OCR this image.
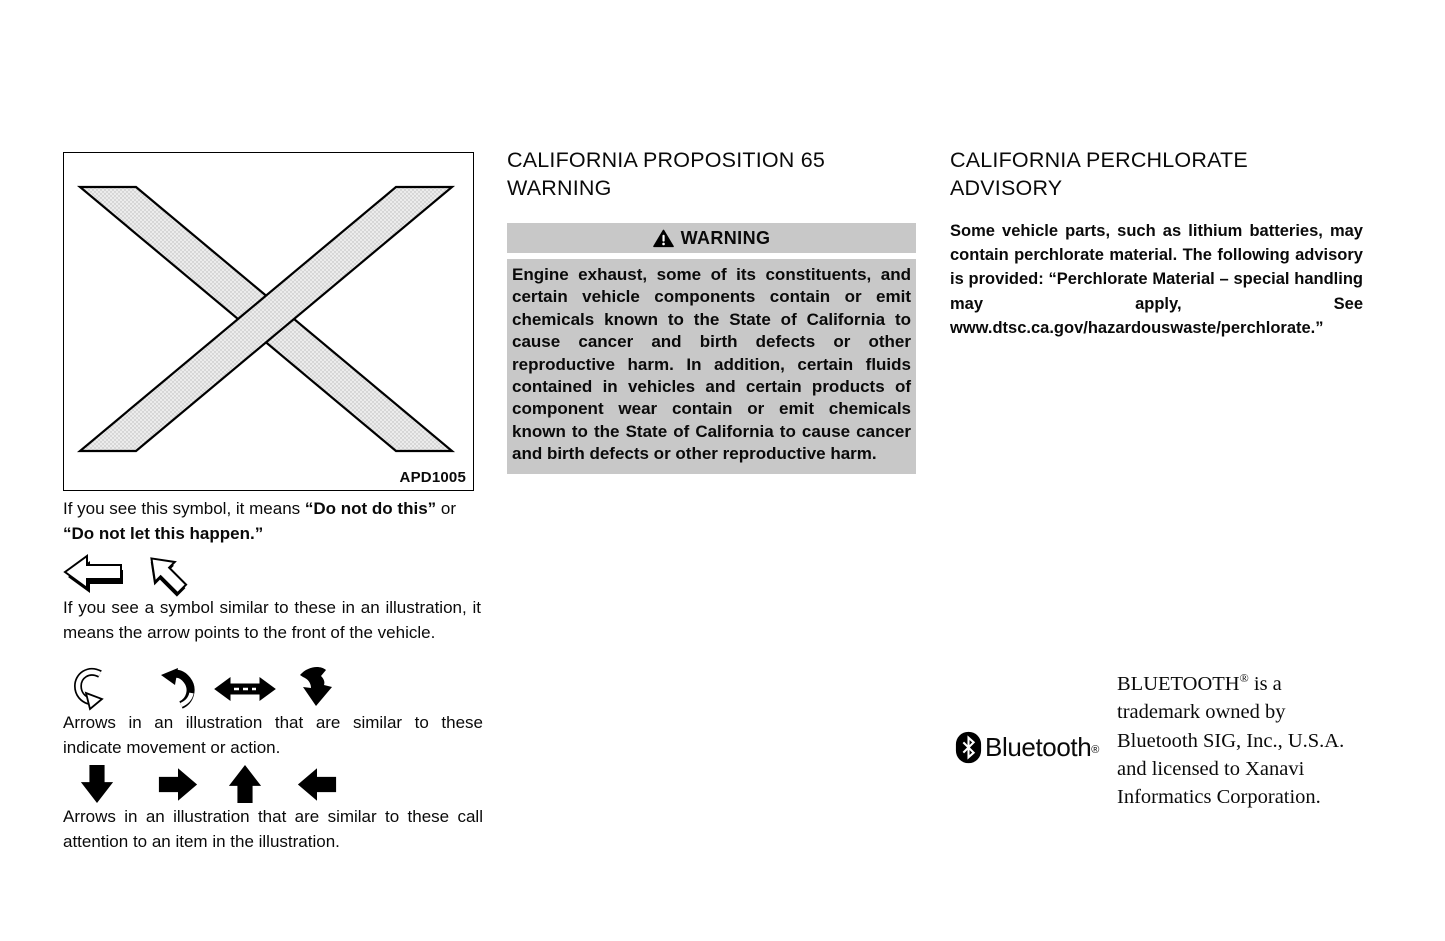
APD1005

If you see this symbol, it means “Do not do this” or “Do not let this happen.”

If you see a symbol similar to these in an illustration, it means the arrow points to the front of the vehicle.

Arrows in an illustration that are similar to these indicate movement or action.

Arrows in an illustration that are similar to these call attention to an item in the illustration.

CALIFORNIA PROPOSITION 65 WARNING
WARNING
Engine exhaust, some of its constituents, and certain vehicle components contain or emit chemicals known to the State of California to cause cancer and birth defects or other reproductive harm. In addition, certain fluids contained in vehicles and certain products of component wear contain or emit chemicals known to the State of California to cause cancer and birth defects or other reproductive harm.
CALIFORNIA PERCHLORATE ADVISORY

Some vehicle parts, such as lithium batteries, may contain perchlorate material. The following advisory is provided: “Perchlorate Material – special handling may apply, See www.dtsc.ca.gov/hazardouswaste/perchlorate.”

Bluetooth ®

BLUETOOTH® is a trademark owned by Bluetooth SIG, Inc., U.S.A. and licensed to Xanavi Informatics Corporation.
